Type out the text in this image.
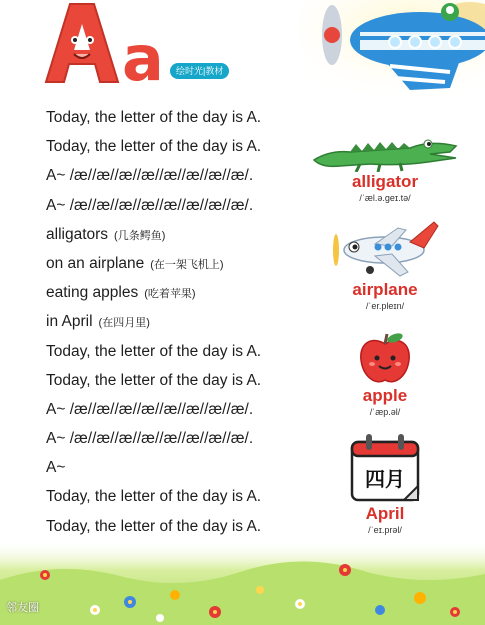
a	绘时光|教材
Today, the letter of the day is A.
Today, the letter of the day is A.
A~ /æ//æ//æ//æ//æ//æ//æ//æ/.
A~ /æ//æ//æ//æ//æ//æ//æ//æ/.
alligators (几条鳄鱼)
on an airplane (在一架飞机上)
eating apples (吃着苹果)
in April (在四月里)
Today, the letter of the day is A.
Today, the letter of the day is A.
A~ /æ//æ//æ//æ//æ//æ//æ//æ/.
A~ /æ//æ//æ//æ//æ//æ//æ//æ/.
A~
Today, the letter of the day is A.
Today, the letter of the day is A.
alligator
/ˈæl.ə.ɡeɪ.tə/
airplane
/ˈer.pleɪn/
apple
/ˈæp.əl/
四月
April
/ˈeɪ.prəl/
邻友圈
